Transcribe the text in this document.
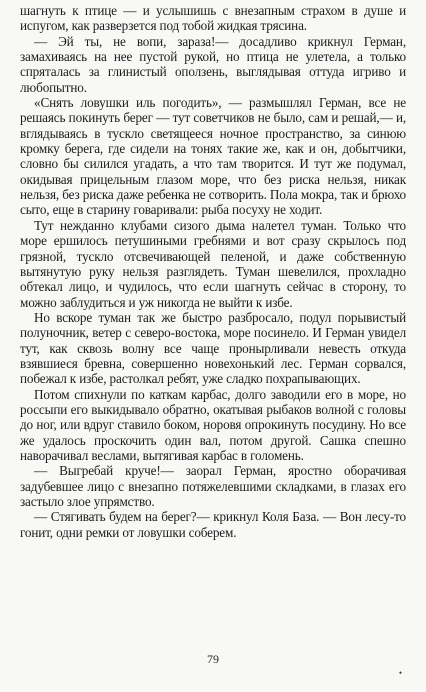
шагнуть к птице — и услышишь с внезапным страхом в душе и испугом, как разверзется под тобой жидкая трясина.

— Эй ты, не вопи, зараза!— досадливо крикнул Герман, замахиваясь на нее пустой рукой, но птица не улетела, а только спряталась за глинистый оползень, выглядывая оттуда игриво и любопытно.

«Снять ловушки иль погодить», — размышлял Герман, все не решаясь покинуть берег — тут советчиков не было, сам и решай,— и, вглядываясь в тускло светящееся ночное пространство, за синюю кромку берега, где сидели на тонях такие же, как и он, добытчики, словно бы силился угадать, а что там творится. И тут же подумал, окидывая прицельным глазом море, что без риска нельзя, никак нельзя, без риска даже ребенка не сотворить. Пола мокра, так и брюхо сыто, еще в старину говаривали: рыба посуху не ходит.

Тут нежданно клубами сизого дыма налетел туман. Только что море ершилось петушиными гребнями и вот сразу скрылось под грязной, тускло отсвечивающей пеленой, и даже собственную вытянутую руку нельзя разглядеть. Туман шевелился, прохладно обтекал лицо, и чудилось, что если шагнуть сейчас в сторону, то можно заблудиться и уж никогда не выйти к избе.

Но вскоре туман так же быстро разбросало, подул порывистый полуночник, ветер с северо-востока, море посинело. И Герман увидел тут, как сквозь волну все чаще пронырливали невесть откуда взявшиеся бревна, совершенно новехонький лес. Герман сорвался, побежал к избе, растолкал ребят, уже сладко похрапывающих.

Потом спихнули по каткам карбас, долго заводили его в море, но россыпи его выкидывало обратно, окатывая рыбаков волной с головы до ног, или вдруг ставило боком, норовя опрокинуть посудину. Но все же удалось проскочить один вал, потом другой. Сашка спешно наворачивал веслами, вытягивая карбас в голомень.

— Выгребай круче!— заорал Герман, яростно оборачивая задубевшее лицо с внезапно потяжелевшими складками, в глазах его застыло злое упрямство.

— Стягивать будем на берег?— крикнул Коля База. — Вон лесу-то гонит, одни ремки от ловушки соберем.

79
•
